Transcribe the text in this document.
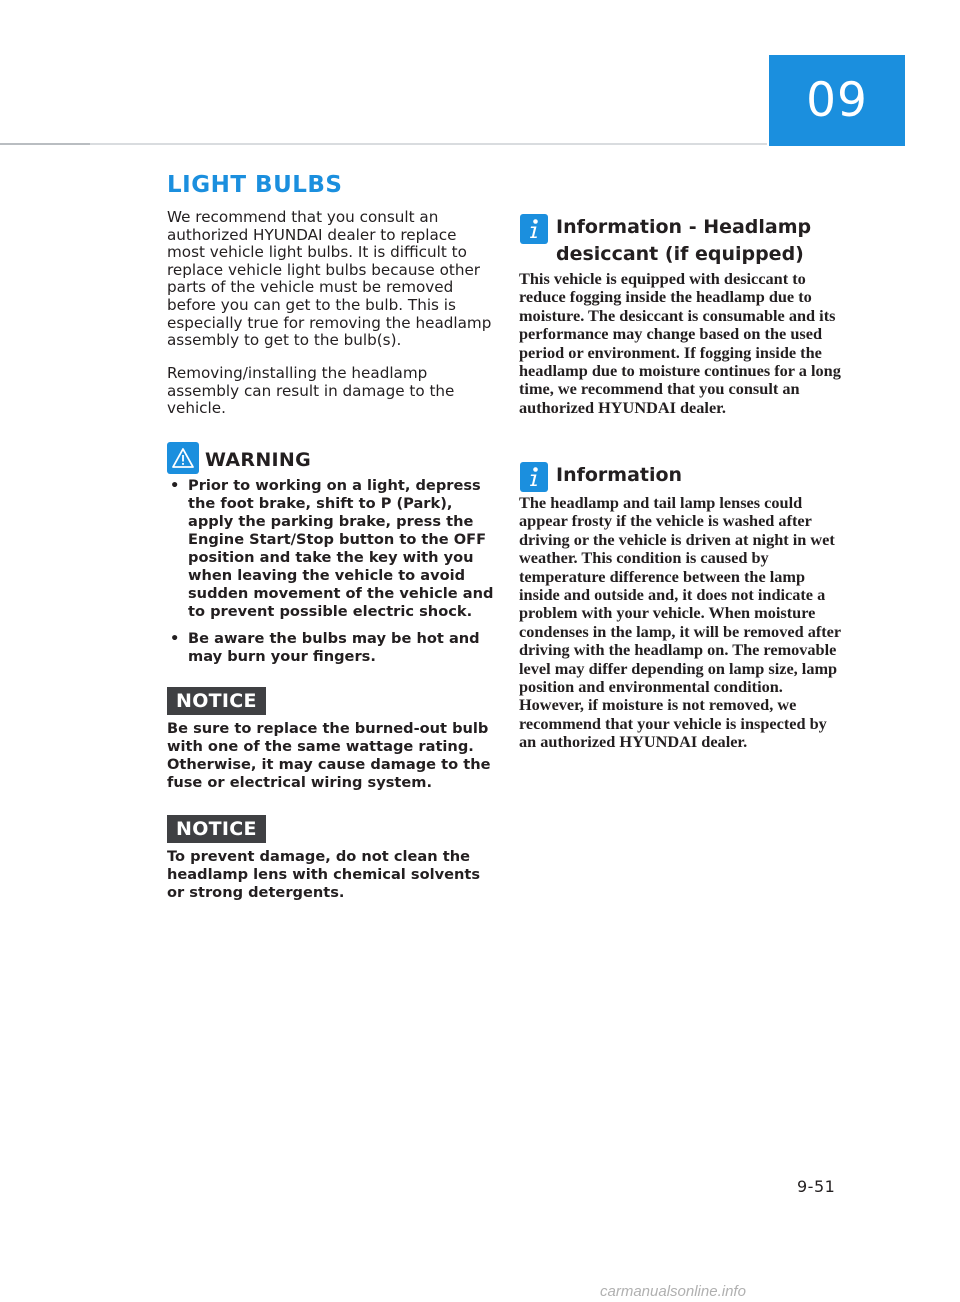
09
LIGHT BULBS

We recommend that you consult an authorized HYUNDAI dealer to replace most vehicle light bulbs. It is difficult to replace vehicle light bulbs because other parts of the vehicle must be removed before you can get to the bulb. This is especially true for removing the headlamp assembly to get to the bulb(s).

Removing/installing the headlamp assembly can result in damage to the vehicle.

WARNING
• Prior to working on a light, depress the foot brake, shift to P (Park), apply the parking brake, press the Engine Start/Stop button to the OFF position and take the key with you when leaving the vehicle to avoid sudden movement of the vehicle and to prevent possible electric shock.

• Be aware the bulbs may be hot and may burn your fingers.

NOTICE

Be sure to replace the burned-out bulb with one of the same wattage rating. Otherwise, it may cause damage to the fuse or electrical wiring system.

NOTICE

To prevent damage, do not clean the headlamp lens with chemical solvents or strong detergents.

Information - Headlamp desiccant (if equipped)

This vehicle is equipped with desiccant to reduce fogging inside the headlamp due to moisture. The desiccant is consumable and its performance may change based on the used period or environment. If fogging inside the headlamp due to moisture continues for a long time, we recommend that you consult an authorized HYUNDAI dealer.

Information

The headlamp and tail lamp lenses could appear frosty if the vehicle is washed after driving or the vehicle is driven at night in wet weather. This condition is caused by temperature difference between the lamp inside and outside and, it does not indicate a problem with your vehicle. When moisture condenses in the lamp, it will be removed after driving with the headlamp on. The removable level may differ depending on lamp size, lamp position and environmental condition. However, if moisture is not removed, we recommend that your vehicle is inspected by an authorized HYUNDAI dealer.

9-51
carmanualsonline.info
